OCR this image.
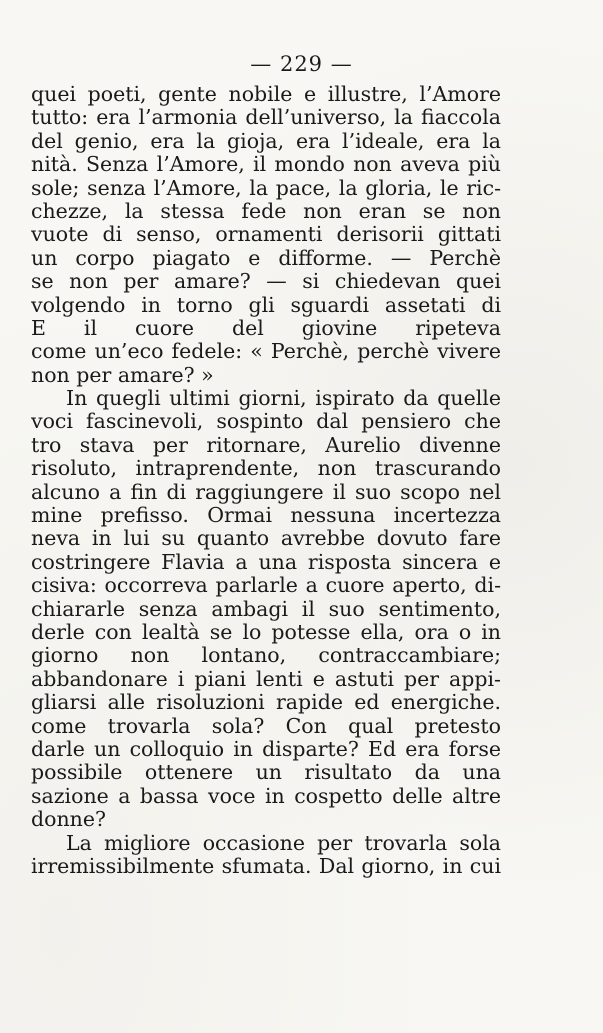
— 229 —
quei poeti, gente nobile e illustre, l’Amore
tutto: era l’armonia dell’universo, la fiaccola
del genio, era la gioja, era l’ideale, era la
nità. Senza l’Amore, il mondo non aveva più
sole; senza l’Amore, la pace, la gloria, le ric-
chezze, la stessa fede non eran se non
vuote di senso, ornamenti derisorii gittati
un corpo piagato e difforme. — Perchè
se non per amare? — si chiedevan quei
volgendo in torno gli sguardi assetati di
E il cuore del giovine ripeteva
come un’eco fedele: « Perchè, perchè vivere
non per amare? »
In quegli ultimi giorni, ispirato da quelle
voci fascinevoli, sospinto dal pensiero che
tro stava per ritornare, Aurelio divenne
risoluto, intraprendente, non trascurando
alcuno a fin di raggiungere il suo scopo nel
mine prefisso. Ormai nessuna incertezza
neva in lui su quanto avrebbe dovuto fare
costringere Flavia a una risposta sincera e
cisiva: occorreva parlarle a cuore aperto, di-
chiararle senza ambagi il suo sentimento,
derle con lealtà se lo potesse ella, ora o in
giorno non lontano, contraccambiare;
abbandonare i piani lenti e astuti per appi-
gliarsi alle risoluzioni rapide ed energiche.
come trovarla sola? Con qual pretesto
darle un colloquio in disparte? Ed era forse
possibile ottenere un risultato da una
sazione a bassa voce in cospetto delle altre
donne?
La migliore occasione per trovarla sola
irremissibilmente sfumata. Dal giorno, in cui
